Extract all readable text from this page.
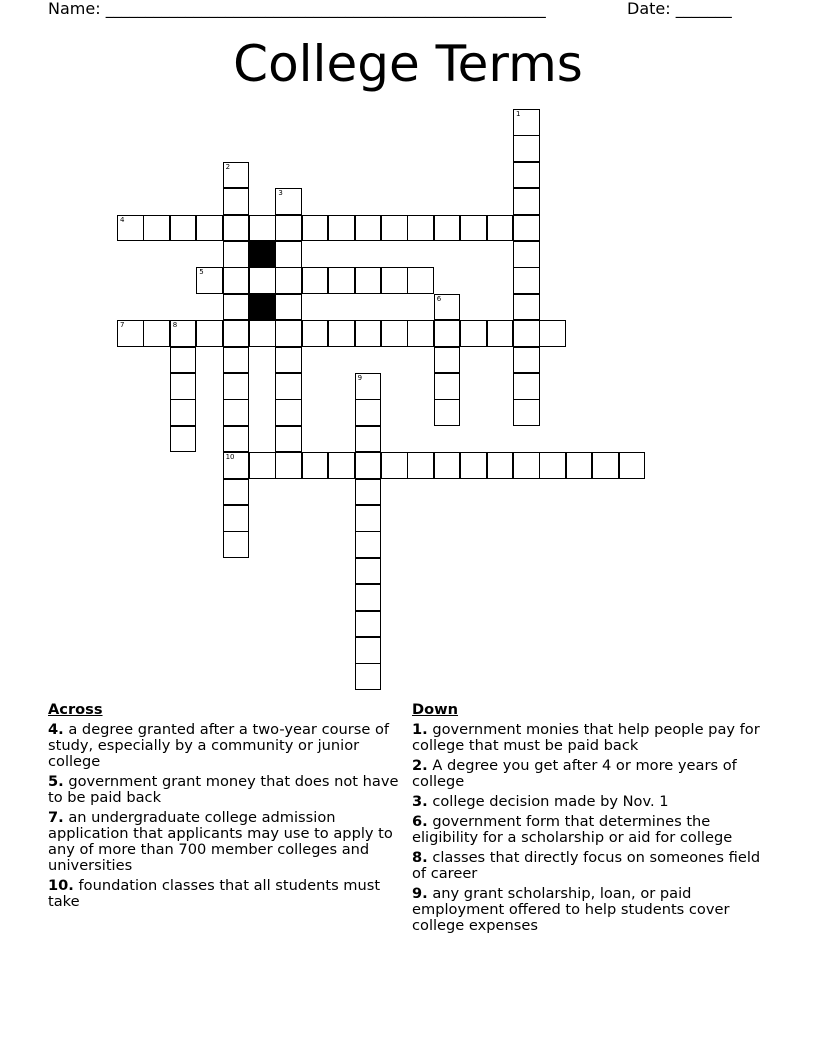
Name: _______________________________________________________	Date: _______
College Terms
1
2
3
4
5
6
7	8
9
10
Across
4. a degree granted after a two-year course of study, especially by a community or junior college
5. government grant money that does not have to be paid back
7. an undergraduate college admission application that applicants may use to apply to any of more than 700 member colleges and universities
10. foundation classes that all students must take
Down
1. government monies that help people pay for college that must be paid back
2. A degree you get after 4 or more years of college
3. college decision made by Nov. 1
6. government form that determines the eligibility for a scholarship or aid for college
8. classes that directly focus on someones field of career
9. any grant scholarship, loan, or paid employment offered to help students cover college expenses
